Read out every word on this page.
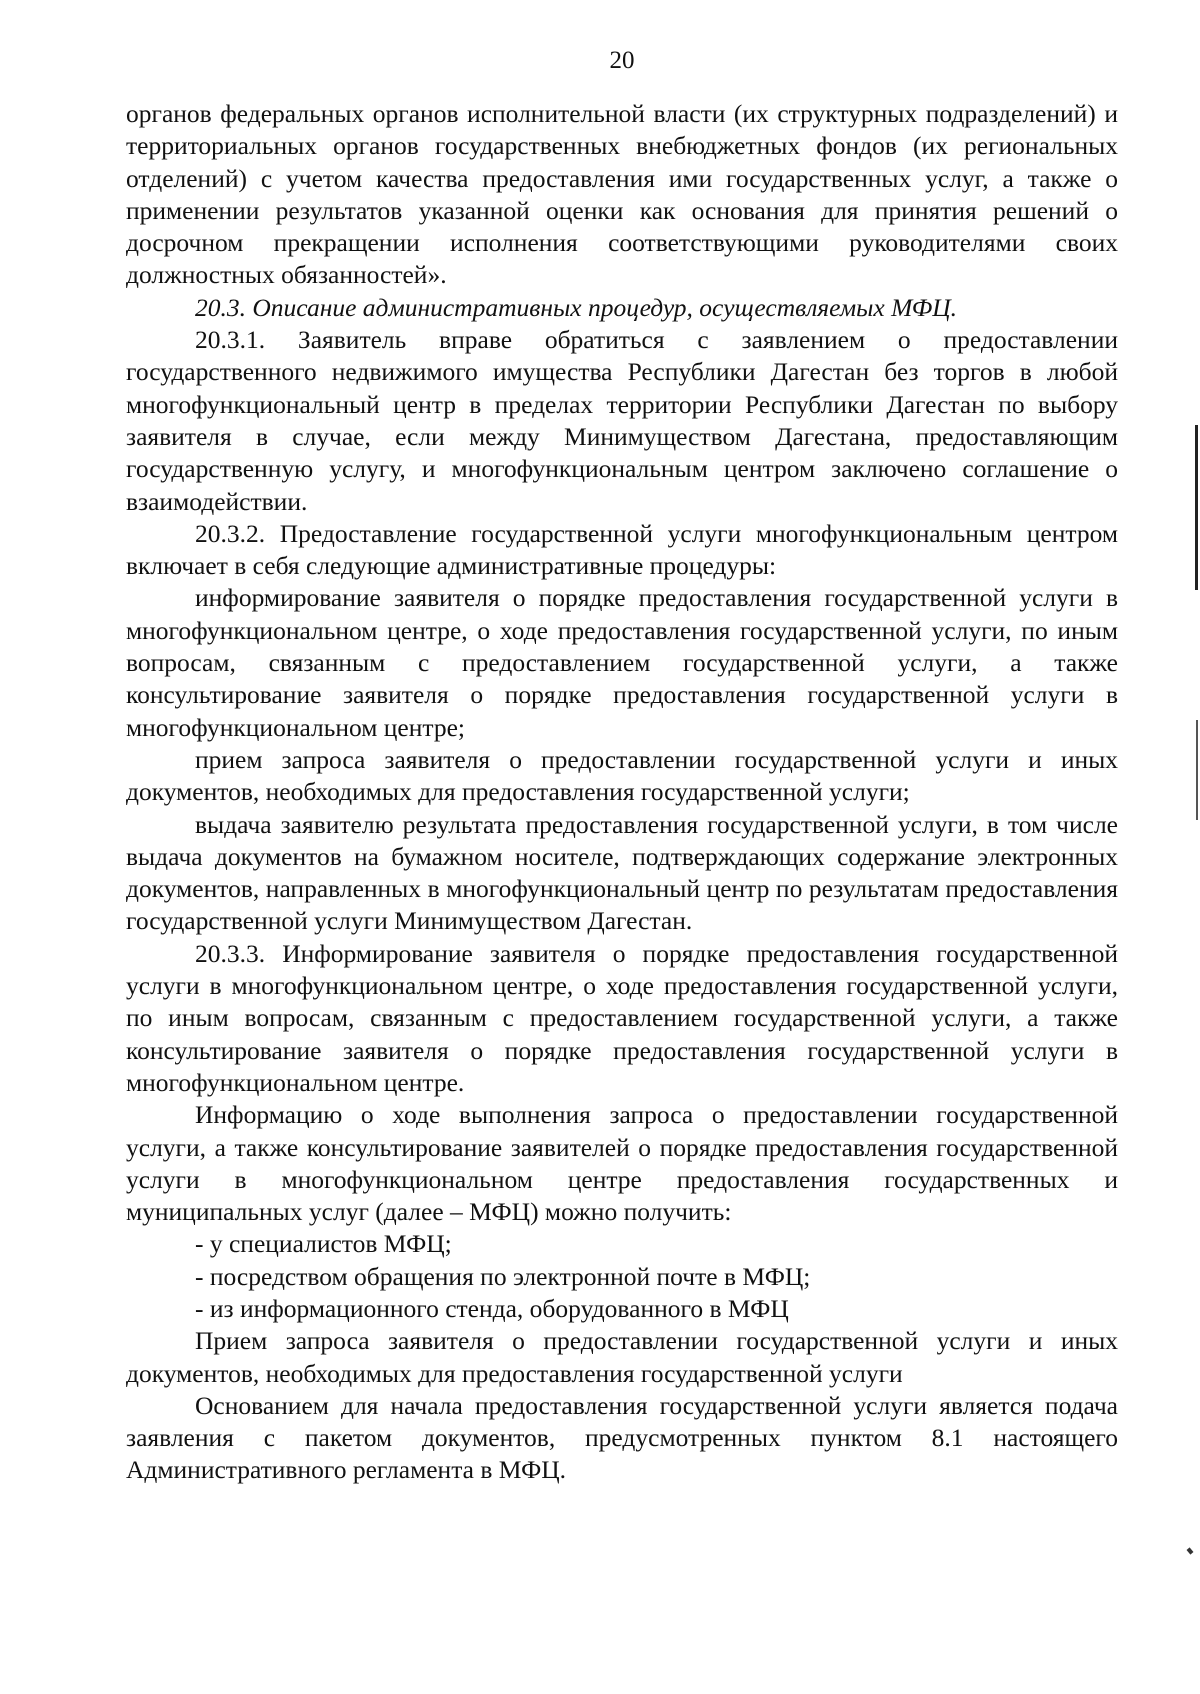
20

органов федеральных органов исполнительной власти (их структурных подразделений) и территориальных органов государственных внебюджетных фондов (их региональных отделений) с учетом качества предоставления ими государственных услуг, а также о применении результатов указанной оценки как основания для принятия решений о досрочном прекращении исполнения соответствующими руководителями своих должностных обязанностей».

20.3. Описание административных процедур, осуществляемых МФЦ.

20.3.1. Заявитель вправе обратиться с заявлением о предоставлении государственного недвижимого имущества Республики Дагестан без торгов в любой многофункциональный центр в пределах территории Республики Дагестан по выбору заявителя в случае, если между Минимуществом Дагестана, предоставляющим государственную услугу, и многофункциональным центром заключено соглашение о взаимодействии.

20.3.2. Предоставление государственной услуги многофункциональным центром включает в себя следующие административные процедуры:

информирование заявителя о порядке предоставления государственной услуги в многофункциональном центре, о ходе предоставления государственной услуги, по иным вопросам, связанным с предоставлением государственной услуги, а также консультирование заявителя о порядке предоставления государственной услуги в многофункциональном центре;

прием запроса заявителя о предоставлении государственной услуги и иных документов, необходимых для предоставления государственной услуги;

выдача заявителю результата предоставления государственной услуги, в том числе выдача документов на бумажном носителе, подтверждающих содержание электронных документов, направленных в многофункциональный центр по результатам предоставления государственной услуги Минимуществом Дагестан.

20.3.3. Информирование заявителя о порядке предоставления государственной услуги в многофункциональном центре, о ходе предоставления государственной услуги, по иным вопросам, связанным с предоставлением государственной услуги, а также консультирование заявителя о порядке предоставления государственной услуги в многофункциональном центре.

Информацию о ходе выполнения запроса о предоставлении государственной услуги, а также консультирование заявителей о порядке предоставления государственной услуги в многофункциональном центре предоставления государственных и муниципальных услуг (далее – МФЦ) можно получить:

- у специалистов МФЦ;

- посредством обращения по электронной почте в МФЦ;

- из информационного стенда, оборудованного в МФЦ

Прием запроса заявителя о предоставлении государственной услуги и иных документов, необходимых для предоставления государственной услуги

Основанием для начала предоставления государственной услуги является подача заявления с пакетом документов, предусмотренных пунктом 8.1 настоящего Административного регламента в МФЦ.
